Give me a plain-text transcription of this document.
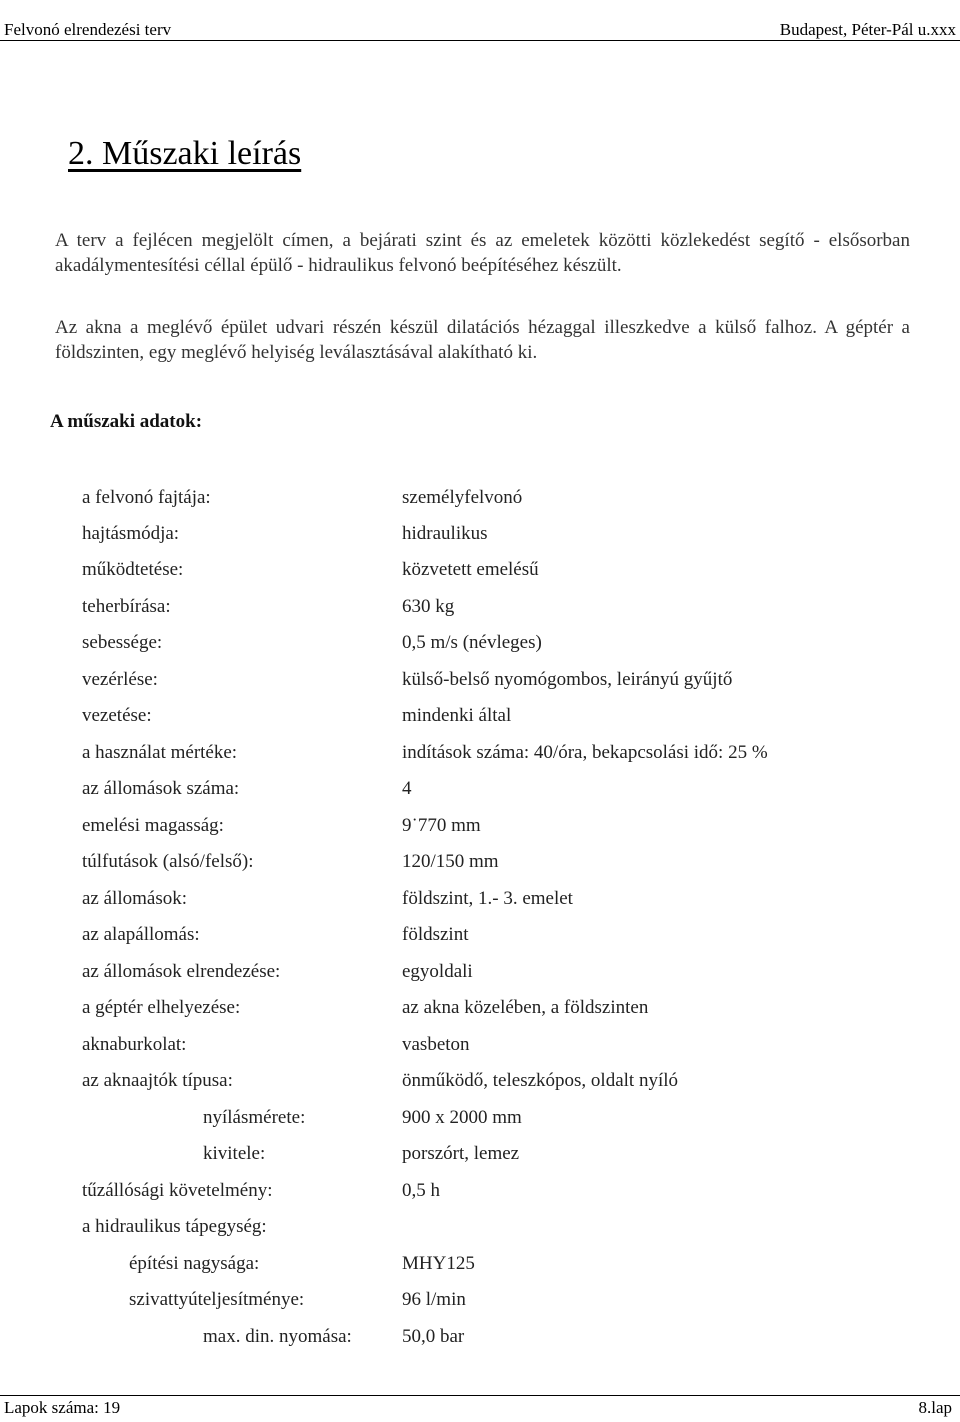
Felvonó elrendezési terv	Budapest, Péter-Pál u.xxx
2. Műszaki leírás
A terv a fejlécen megjelölt címen, a bejárati szint és az emeletek közötti közlekedést segítő - elsősorban akadálymentesítési céllal épülő - hidraulikus felvonó beépítéséhez készült.
Az akna a meglévő épület udvari részén készül dilatációs hézaggal illeszkedve a külső falhoz. A géptér a földszinten, egy meglévő helyiség leválasztásával alakítható ki.
A műszaki adatok:
a felvonó fajtája:	személyfelvonó
hajtásmódja:	hidraulikus
működtetése:	közvetett emelésű
teherbírása:	630 kg
sebessége:	0,5 m/s (névleges)
vezérlése:	külső-belső nyomógombos, leirányú gyűjtő
vezetése:	mindenki által
a használat mértéke:	indítások száma: 40/óra, bekapcsolási idő: 25 %
az állomások száma:	4
emelési magasság:	9˙770 mm
túlfutások (alsó/felső):	120/150 mm
az állomások:	földszint, 1.- 3. emelet
az alapállomás:	földszint
az állomások elrendezése:	egyoldali
a géptér elhelyezése:	az akna közelében, a földszinten
aknaburkolat:	vasbeton
az aknaajtók típusa:	önműködő, teleszkópos, oldalt nyíló
nyílásmérete:	900 x 2000 mm
kivitele:	porszórt, lemez
tűzállósági követelmény:	0,5 h
a hidraulikus tápegység:
építési nagysága:	MHY125
szivattyúteljesítménye:	96 l/min
max. din. nyomása:	50,0 bar
Lapok száma: 19	8.lap
